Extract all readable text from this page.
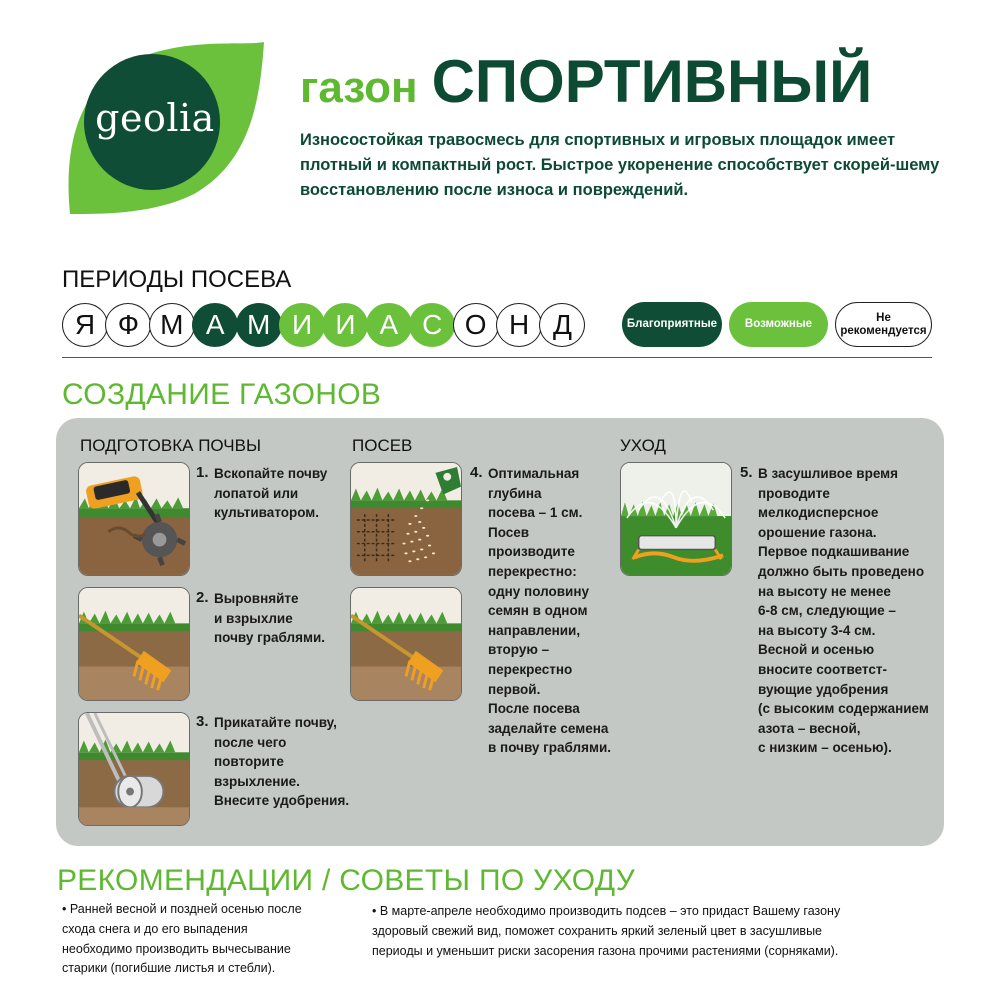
geolia
газон СПОРТИВНЫЙ
Износостойкая травосмесь для спортивных и игровых площадок имеет плотный и компактный рост. Быстрое укоренение способствует скорей-шему восстановлению после износа и повреждений.
ПЕРИОДЫ ПОСЕВА
Я Ф М А М И И А С О Н Д	Благоприятные	Возможные
Не
рекомендуется
СОЗДАНИЕ ГАЗОНОВ
ПОДГОТОВКА ПОЧВЫ	ПОСЕВ	УХОД
1. Вскопайте почву
лопатой или
культиватором.
2. Выровняйте
и взрыхлие
почву граблями.
3. Прикатайте почву,
после чего
повторите
взрыхление.
Внесите удобрения.
4. Оптимальная
глубина
посева – 1 см.
Посев
производите
перекрестно:
одну половину
семян в одном
направлении,
вторую –
перекрестно
первой.
После посева
заделайте семена
в почву граблями.
5. В засушливое время
проводите
мелкодисперсное
орошение газона.
Первое подкашивание
должно быть проведено
на высоту не менее
6-8 см, следующие –
на высоту 3-4 см.
Весной и осенью
вносите соответст-
вующие удобрения
(с высоким содержанием
азота – весной,
с низким – осенью).
РЕКОМЕНДАЦИИ / СОВЕТЫ ПО УХОДУ
• Ранней весной и поздней осенью после
схода снега и до его выпадения
необходимо производить вычесывание
старики (погибшие листья и стебли).
• В марте-апреле необходимо производить подсев – это придаст Вашему газону
здоровый свежий вид, поможет сохранить яркий зеленый цвет в засушливые
периоды и уменьшит риски засорения газона прочими растениями (сорняками).
